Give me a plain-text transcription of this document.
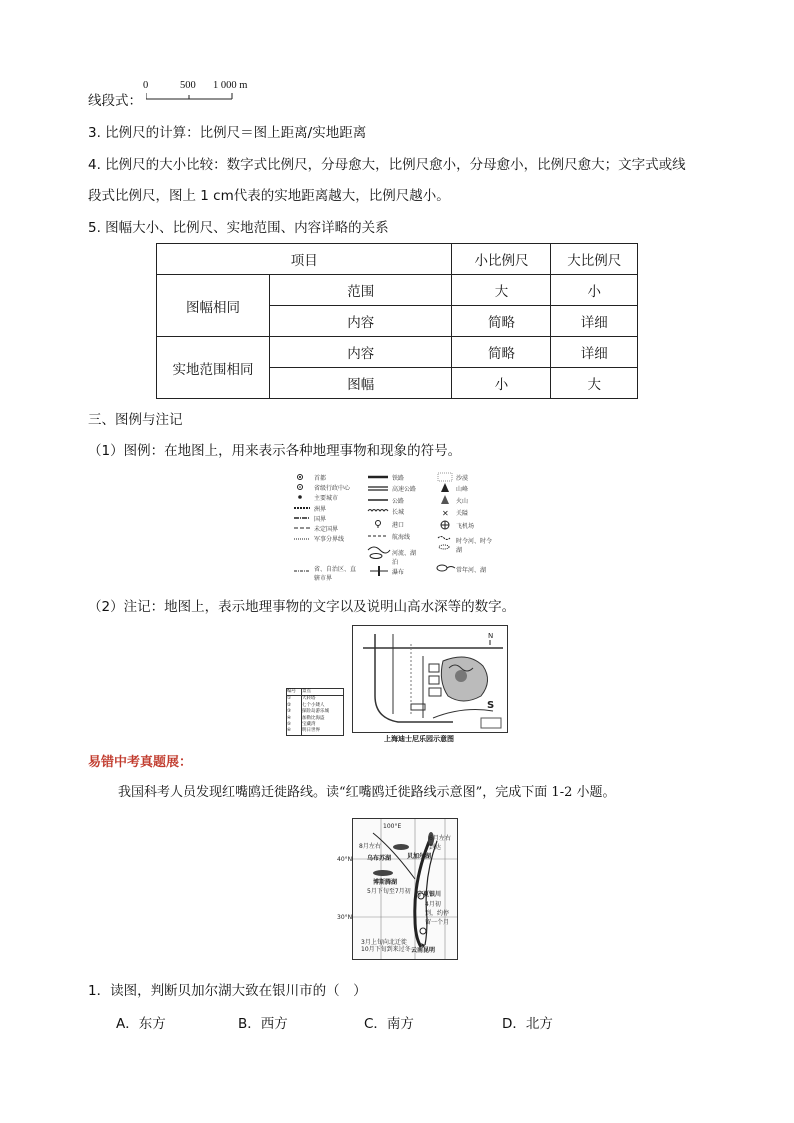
线段式：
0	500 1 000 m
3. 比例尺的计算：比例尺＝图上距离/实地距离
4. 比例尺的大小比较：数字式比例尺，分母愈大，比例尺愈小，分母愈小，比例尺愈大；文字式或线
段式比例尺，图上 1 cm代表的实地距离越大，比例尺越小。
5. 图幅大小、比例尺、实地范围、内容详略的关系
项目		小比例尺	大比例尺
图幅相同	范围	大	小
	内容	简略	详细
实地范围相同	内容	简略	详细
	图幅	小	大
三、图例与注记
（1）图例：在地图上，用来表示各种地理事物和现象的符号。
✕
首都
省级行政中心
主要城市
洲界
国界
未定国界
军事分界线
省、自治区、直辖市界
铁路
高速公路
公路
长城
港口
航海线
河流、湖泊
瀑布
沙漠
山峰
火山
关隘
飞机场
时令河、时令湖
常年河、湖
（2）注记：地图上，表示地理事物的文字以及说明山高水深等的数字。
S
N
编号	景点
①	大转塔
②	七个小矮人
③	探险岛游乐城
④	加勒比海盗
⑤	宝藏湾
⑥	明日世界
上海迪士尼乐园示意图
易错中考真题展：
我国科考人员发现红嘴鸥迁徙路线。读“红嘴鸥迁徙路线示意图”，完成下面 1-2 小题。
100°E
8月左右
6月左右到达
乌布苏湖	贝加尔湖
博斯腾湖
5月下旬至7月初 宁夏银川
4月初到，约停留一个月
3月上旬向北迁徙
10月下旬到来过冬 云南昆明
40°N
30°N
1．读图，判断贝加尔湖大致在银川市的（　）
A．东方	B．西方	C．南方	D．北方
